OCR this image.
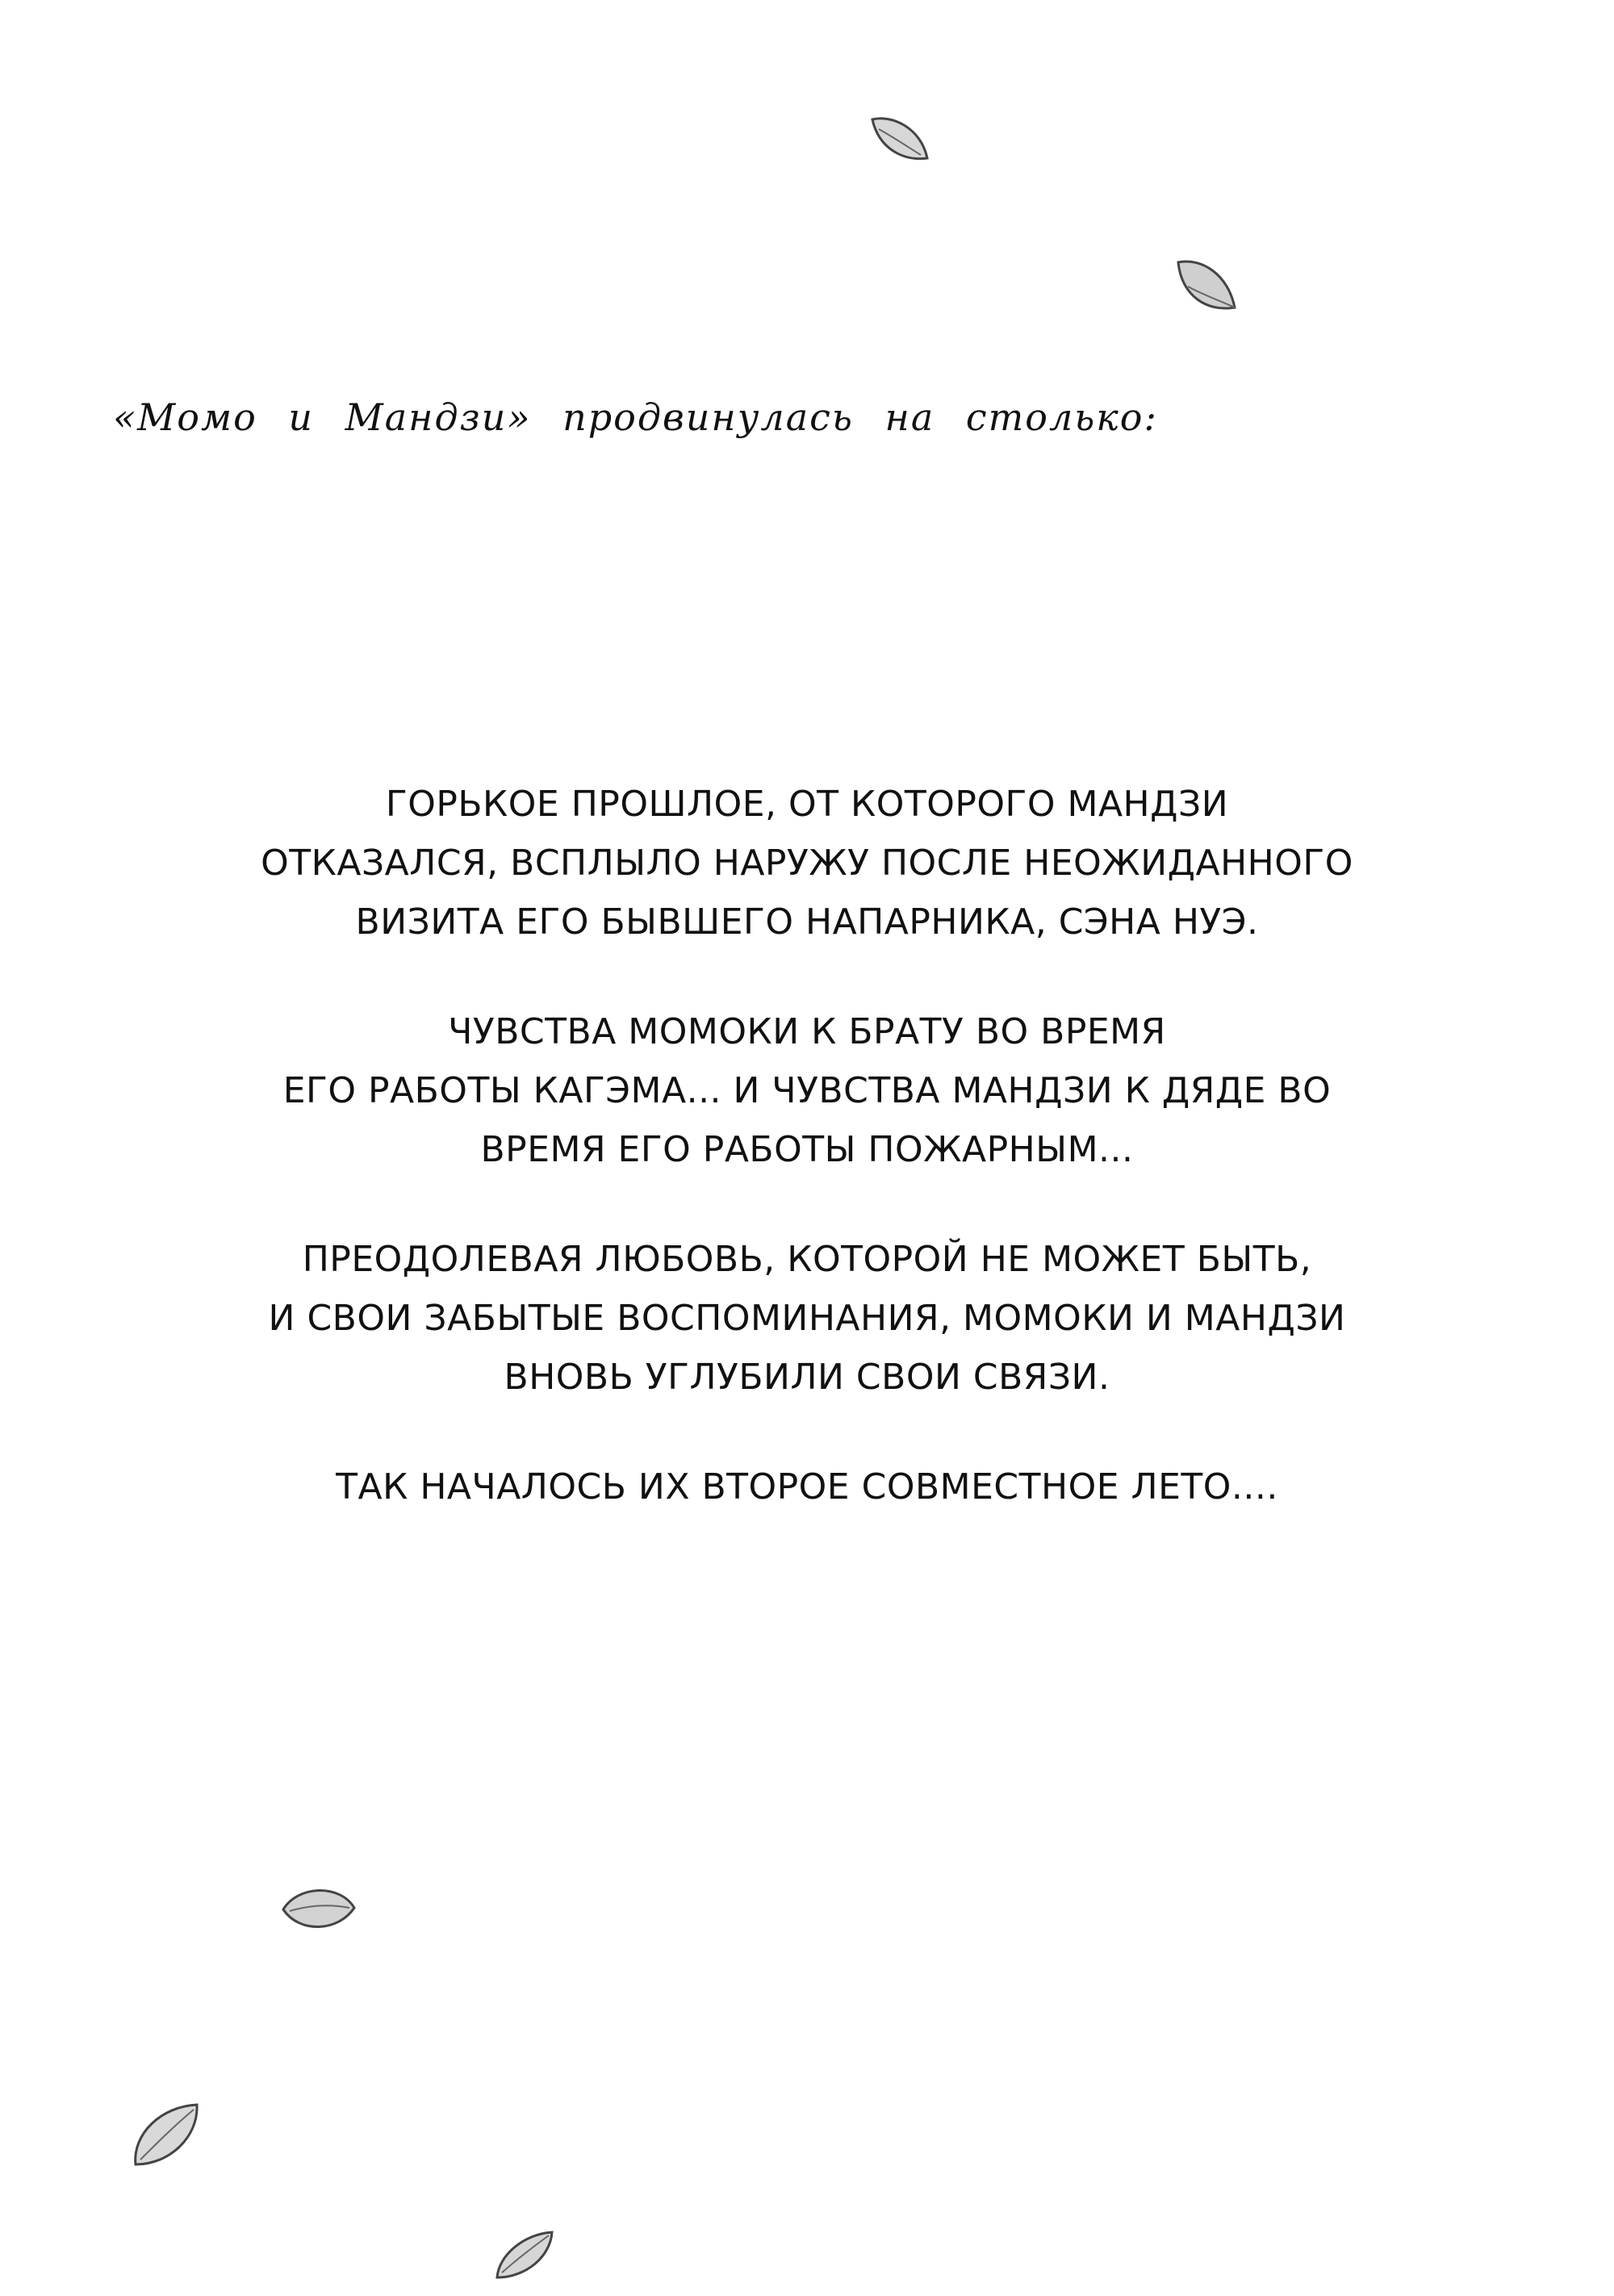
«Момо и Мандзи» продвинулась на столько:

ГОРЬКОЕ ПРОШЛОЕ, ОТ КОТОРОГО МАНДЗИ
ОТКАЗАЛСЯ, ВСПЛЫЛО НАРУЖУ ПОСЛЕ НЕОЖИДАННОГО
ВИЗИТА ЕГО БЫВШЕГО НАПАРНИКА, СЭНА НУЭ.

ЧУВСТВА МОМОКИ К БРАТУ ВО ВРЕМЯ
ЕГО РАБОТЫ КАГЭМА... И ЧУВСТВА МАНДЗИ К ДЯДЕ ВО
ВРЕМЯ ЕГО РАБОТЫ ПОЖАРНЫМ...

ПРЕОДОЛЕВАЯ ЛЮБОВЬ, КОТОРОЙ НЕ МОЖЕТ БЫТЬ,
И СВОИ ЗАБЫТЫЕ ВОСПОМИНАНИЯ, МОМОКИ И МАНДЗИ
ВНОВЬ УГЛУБИЛИ СВОИ СВЯЗИ.

ТАК НАЧАЛОСЬ ИХ ВТОРОЕ СОВМЕСТНОЕ ЛЕТО....
